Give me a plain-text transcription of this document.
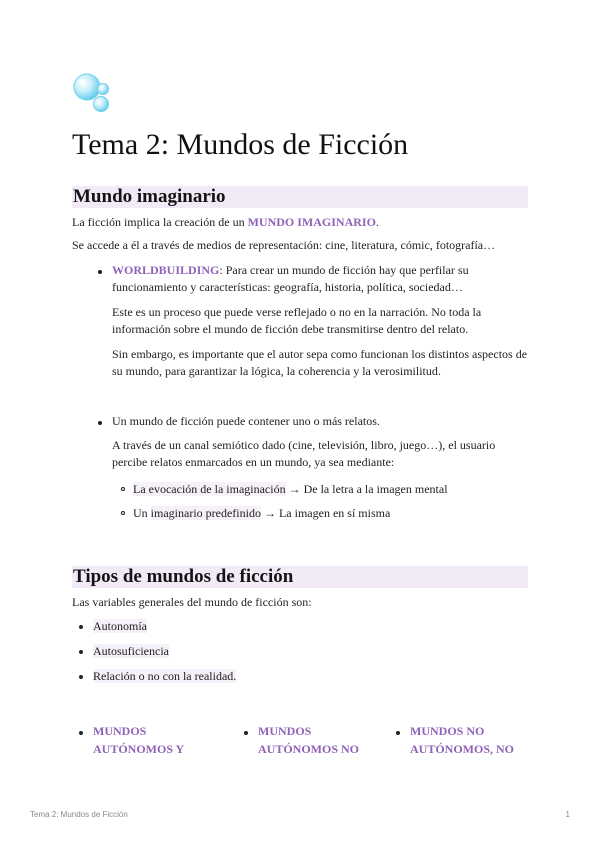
Tema 2: Mundos de Ficción
Mundo imaginario

La ficción implica la creación de un MUNDO IMAGINARIO.

Se accede a él a través de medios de representación: cine, literatura, cómic, fotografía…

WORLDBUILDING: Para crear un mundo de ficción hay que perfilar su
funcionamiento y características: geografía, historia, política, sociedad…
Este es un proceso que puede verse reflejado o no en la narración. No toda la
información sobre el mundo de ficción debe transmitirse dentro del relato.
Sin embargo, es importante que el autor sepa como funcionan los distintos aspectos de
su mundo, para garantizar la lógica, la coherencia y la verosimilitud.
Un mundo de ficción puede contener uno o más relatos.
A través de un canal semiótico dado (cine, televisión, libro, juego…), el usuario
percibe relatos enmarcados en un mundo, ya sea mediante:

La evocación de la imaginación → De la letra a la imagen mental

Un imaginario predefinido → La imagen en sí misma

Tipos de mundos de ficción

Las variables generales del mundo de ficción son:

Autonomía

Autosuficiencia

Relación o no con la realidad.

MUNDOS
AUTÓNOMOS Y
MUNDOS
AUTÓNOMOS NO
MUNDOS NO
AUTÓNOMOS, NO
Tema 2: Mundos de Ficción	1
